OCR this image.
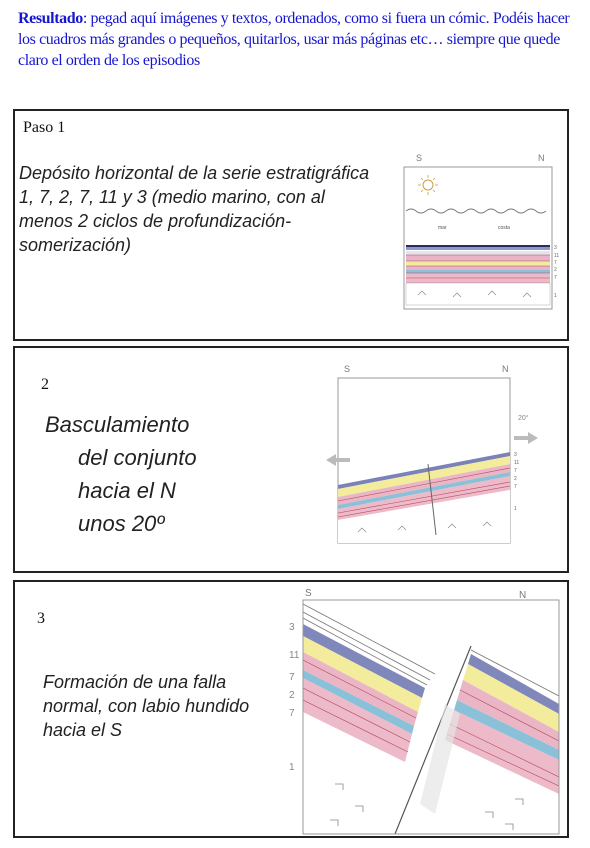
Resultado: pegad aquí imágenes y textos, ordenados, como si fuera un cómic. Podéis hacer los cuadros más grandes o pequeños, quitarlos, usar más páginas etc… siempre que quede claro el orden de los episodios
Paso 1
Depósito horizontal de la serie estratigráfica 1, 7, 2, 7, 11 y 3 (medio marino, con al menos 2 ciclos de profundización-somerización)
S	N
mar	costa
3
11
7
2
7
1
2
Basculamiento
del conjunto
hacia el N
unos 20º
S	N
20°
3
11
7
2
7
1
3
Formación de una falla normal, con labio hundido hacia el S
S	N
3
11
7
2
7
1
